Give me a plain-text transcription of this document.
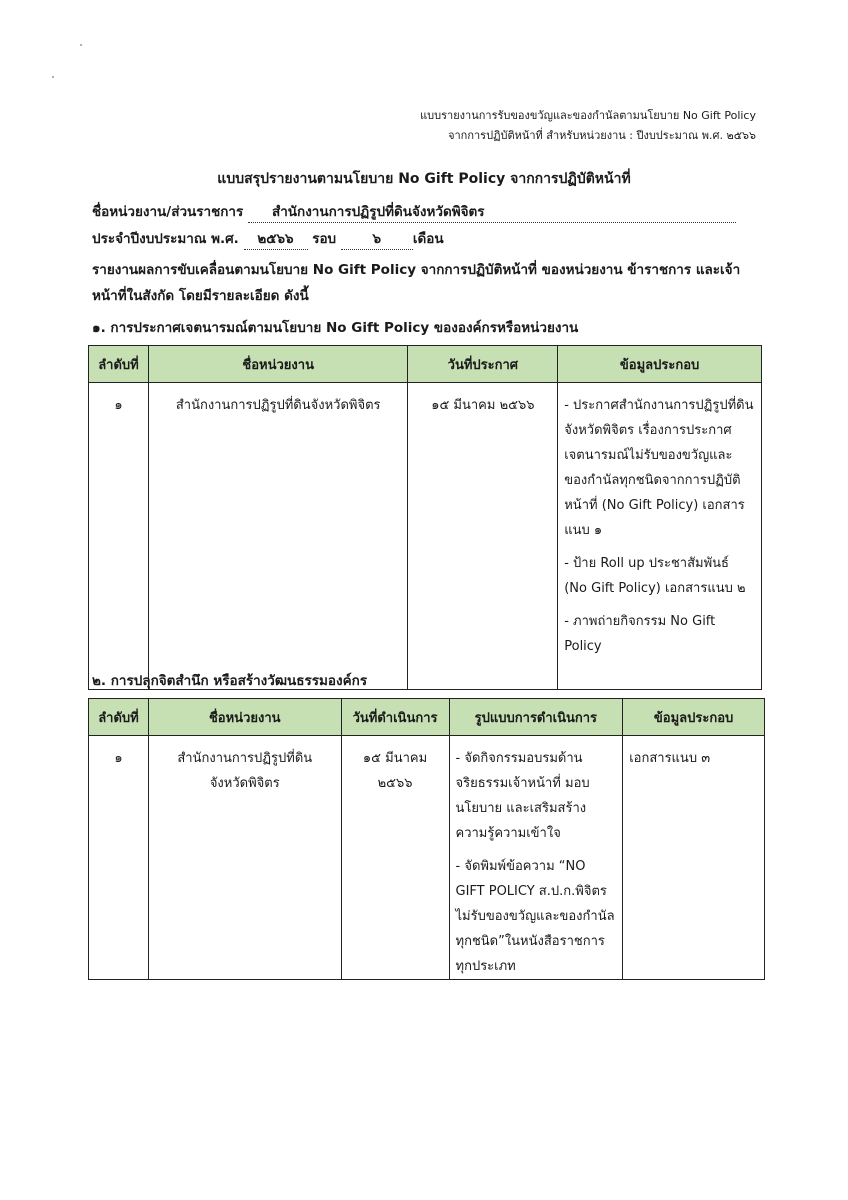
แบบรายงานการรับของขวัญและของกำนัลตามนโยบาย No Gift Policy
จากการปฏิบัติหน้าที่ สำหรับหน่วยงาน : ปีงบประมาณ พ.ศ. ๒๕๖๖
แบบสรุปรายงานตามนโยบาย No Gift Policy จากการปฏิบัติหน้าที่
ชื่อหน่วยงาน/ส่วนราชการ สำนักงานการปฏิรูปที่ดินจังหวัดพิจิตร
ประจำปีงบประมาณ พ.ศ. ๒๕๖๖ รอบ	๖ เดือน
รายงานผลการขับเคลื่อนตามนโยบาย No Gift Policy จากการปฏิบัติหน้าที่ ของหน่วยงาน ข้าราชการ และเจ้าหน้าที่ในสังกัด โดยมีรายละเอียด ดังนี้
๑. การประกาศเจตนารมณ์ตามนโยบาย No Gift Policy ขององค์กรหรือหน่วยงาน
ลำดับที่	ชื่อหน่วยงาน	วันที่ประกาศ	ข้อมูลประกอบ
๑	สำนักงานการปฏิรูปที่ดินจังหวัดพิจิตร	๑๕ มีนาคม ๒๕๖๖	- ประกาศสำนักงานการปฏิรูปที่ดินจังหวัดพิจิตร เรื่องการประกาศเจตนารมณ์ไม่รับของขวัญและของกำนัลทุกชนิดจากการปฏิบัติหน้าที่ (No Gift Policy) เอกสารแนบ ๑
- ป้าย Roll up ประชาสัมพันธ์ (No Gift Policy) เอกสารแนบ ๒
- ภาพถ่ายกิจกรรม No Gift Policy
๒. การปลุกจิตสำนึก หรือสร้างวัฒนธรรมองค์กร
ลำดับที่	ชื่อหน่วยงาน	วันที่ดำเนินการ	รูปแบบการดำเนินการ	ข้อมูลประกอบ
๑	สำนักงานการปฏิรูปที่ดินจังหวัดพิจิตร	๑๕ มีนาคม ๒๕๖๖	- จัดกิจกรรมอบรมด้านจริยธรรมเจ้าหน้าที่ มอบนโยบาย และเสริมสร้างความรู้ความเข้าใจ
- จัดพิมพ์ข้อความ “NO GIFT POLICY ส.ป.ก.พิจิตร ไม่รับของขวัญและของกำนัลทุกชนิด”ในหนังสือราชการทุกประเภท	เอกสารแนบ ๓
